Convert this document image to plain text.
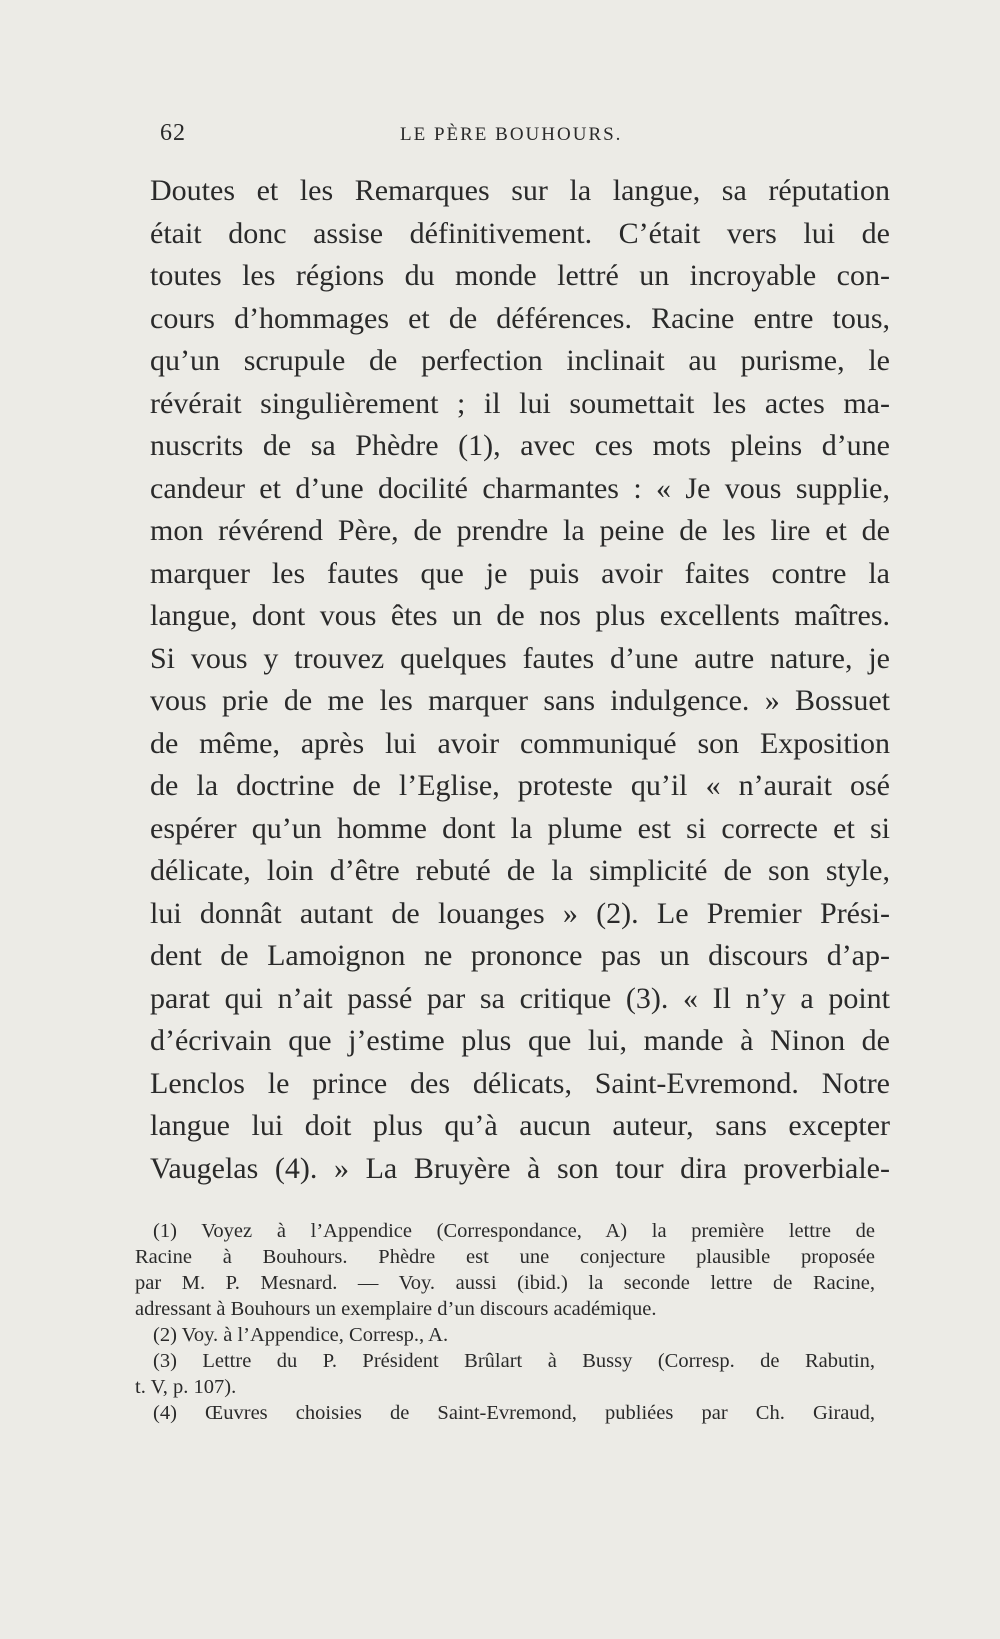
62	LE PÈRE BOUHOURS.
Doutes et les Remarques sur la langue, sa réputation
était donc assise définitivement. C’était vers lui de
toutes les régions du monde lettré un incroyable con-
cours d’hommages et de déférences. Racine entre tous,
qu’un scrupule de perfection inclinait au purisme, le
révérait singulièrement ; il lui soumettait les actes ma-
nuscrits de sa Phèdre (1), avec ces mots pleins d’une
candeur et d’une docilité charmantes : « Je vous supplie,
mon révérend Père, de prendre la peine de les lire et de
marquer les fautes que je puis avoir faites contre la
langue, dont vous êtes un de nos plus excellents maîtres.
Si vous y trouvez quelques fautes d’une autre nature, je
vous prie de me les marquer sans indulgence. » Bossuet
de même, après lui avoir communiqué son Exposition
de la doctrine de l’Eglise, proteste qu’il « n’aurait osé
espérer qu’un homme dont la plume est si correcte et si
délicate, loin d’être rebuté de la simplicité de son style,
lui donnât autant de louanges » (2). Le Premier Prési-
dent de Lamoignon ne prononce pas un discours d’ap-
parat qui n’ait passé par sa critique (3). « Il n’y a point
d’écrivain que j’estime plus que lui, mande à Ninon de
Lenclos le prince des délicats, Saint-Evremond. Notre
langue lui doit plus qu’à aucun auteur, sans excepter
Vaugelas (4). » La Bruyère à son tour dira proverbiale-
(1) Voyez à l’Appendice (Correspondance, A) la première lettre de
Racine à Bouhours. Phèdre est une conjecture plausible proposée
par M. P. Mesnard. — Voy. aussi (ibid.) la seconde lettre de Racine,
adressant à Bouhours un exemplaire d’un discours académique.
(2) Voy. à l’Appendice, Corresp., A.
(3) Lettre du P. Président Brûlart à Bussy (Corresp. de Rabutin,
t. V, p. 107).
(4) Œuvres choisies de Saint-Evremond, publiées par Ch. Giraud,
